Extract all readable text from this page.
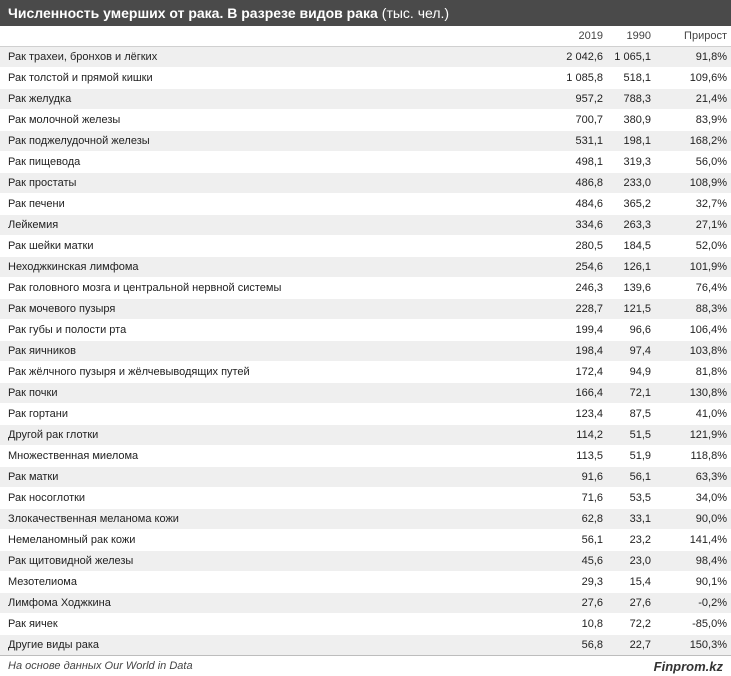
Численность умерших от рака. В разрезе видов рака (тыс. чел.)
	2019	1990	Прирост
Рак трахеи, бронхов и лёгких	2 042,6	1 065,1	91,8%
Рак толстой и прямой кишки	1 085,8	518,1	109,6%
Рак желудка	957,2	788,3	21,4%
Рак молочной железы	700,7	380,9	83,9%
Рак поджелудочной железы	531,1	198,1	168,2%
Рак пищевода	498,1	319,3	56,0%
Рак простаты	486,8	233,0	108,9%
Рак печени	484,6	365,2	32,7%
Лейкемия	334,6	263,3	27,1%
Рак шейки матки	280,5	184,5	52,0%
Неходжкинская лимфома	254,6	126,1	101,9%
Рак головного мозга и центральной нервной системы	246,3	139,6	76,4%
Рак мочевого пузыря	228,7	121,5	88,3%
Рак губы и полости рта	199,4	96,6	106,4%
Рак яичников	198,4	97,4	103,8%
Рак жёлчного пузыря и жёлчевыводящих путей	172,4	94,9	81,8%
Рак почки	166,4	72,1	130,8%
Рак гортани	123,4	87,5	41,0%
Другой рак глотки	114,2	51,5	121,9%
Множественная миелома	113,5	51,9	118,8%
Рак матки	91,6	56,1	63,3%
Рак носоглотки	71,6	53,5	34,0%
Злокачественная меланома кожи	62,8	33,1	90,0%
Немеланомный рак кожи	56,1	23,2	141,4%
Рак щитовидной железы	45,6	23,0	98,4%
Мезотелиома	29,3	15,4	90,1%
Лимфома Ходжкина	27,6	27,6	-0,2%
Рак яичек	10,8	72,2	-85,0%
Другие виды рака	56,8	22,7	150,3%
На основе данных Our World in Data	Finprom.kz
